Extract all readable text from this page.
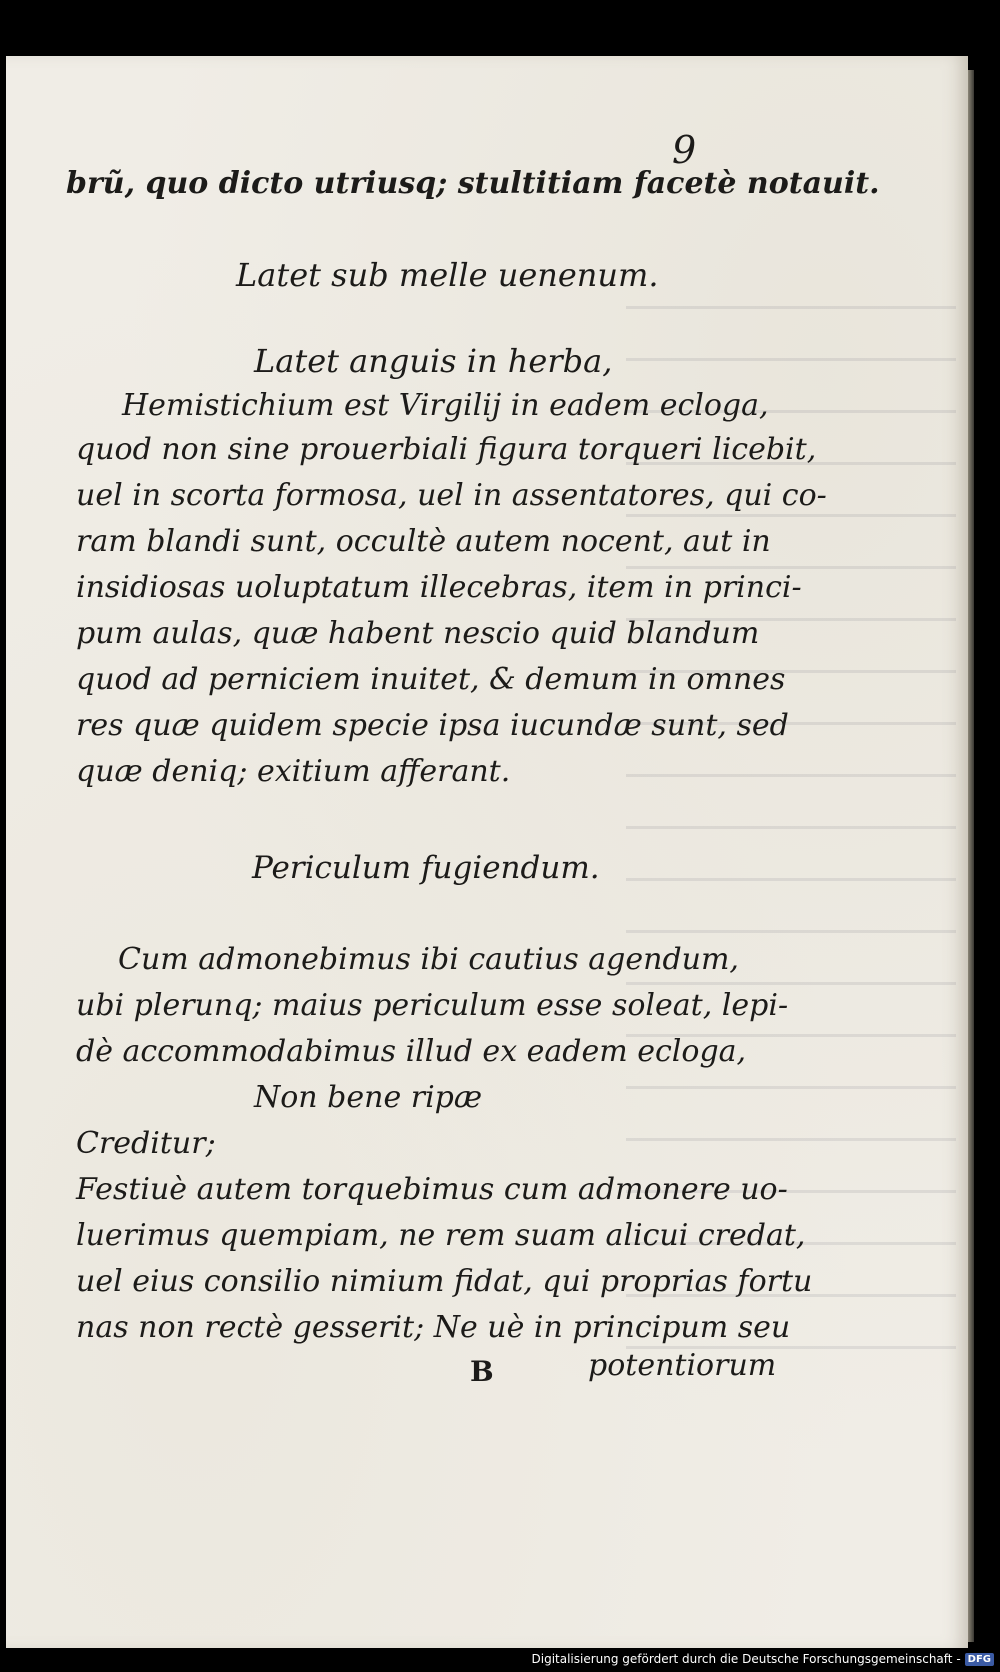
9
brũ, quo dicto utriusq; stultitiam facetè notauit.
Latet sub melle uenenum.
Latet anguis in herba,
Hemistichium est Virgilij in eadem ecloga,
quod non sine prouerbiali figura torqueri licebit,
uel in scorta formosa, uel in assentatores, qui co-
ram blandi sunt, occultè autem nocent, aut in
insidiosas uoluptatum illecebras, item in princi-
pum aulas, quæ habent nescio quid blandum
quod ad perniciem inuitet, & demum in omnes
res quæ quidem specie ipsa iucundæ sunt, sed
quæ deniq; exitium afferant.
Periculum fugiendum.
Cum admonebimus ibi cautius agendum,
ubi plerunq; maius periculum esse soleat, lepi-
dè accommodabimus illud ex eadem ecloga,
Non bene ripæ
Creditur;
Festiuè autem torquebimus cum admonere uo-
luerimus quempiam, ne rem suam alicui credat,
uel eius consilio nimium fidat, qui proprias fortu
nas non rectè gesserit; Ne uè in principum seu
B	potentiorum
Digitalisierung gefördert durch die Deutsche Forschungsgemeinschaft - DFG
